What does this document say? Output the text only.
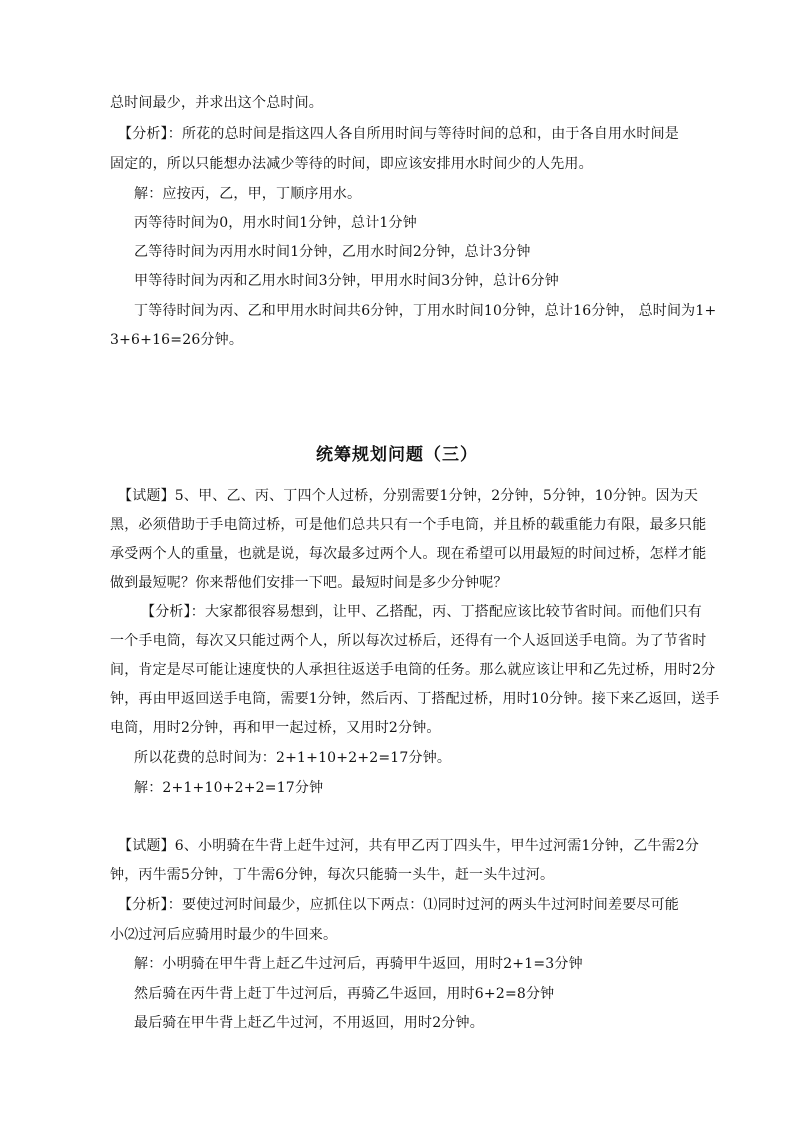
总时间最少，并求出这个总时间。
【分析】：所花的总时间是指这四人各自所用时间与等待时间的总和，由于各自用水时间是
固定的，所以只能想办法减少等待的时间，即应该安排用水时间少的人先用。
解：应按丙，乙，甲，丁顺序用水。
丙等待时间为0，用水时间1分钟，总计1分钟
乙等待时间为丙用水时间1分钟，乙用水时间2分钟，总计3分钟
甲等待时间为丙和乙用水时间3分钟，甲用水时间3分钟，总计6分钟
丁等待时间为丙、乙和甲用水时间共6分钟，丁用水时间10分钟，总计16分钟， 总时间为1+
3+6+16=26分钟。
统筹规划问题（三）
【试题】5、甲、乙、丙、丁四个人过桥，分别需要1分钟，2分钟，5分钟，10分钟。因为天
黑，必须借助于手电筒过桥，可是他们总共只有一个手电筒，并且桥的载重能力有限，最多只能
承受两个人的重量，也就是说，每次最多过两个人。现在希望可以用最短的时间过桥，怎样才能
做到最短呢？你来帮他们安排一下吧。最短时间是多少分钟呢？
【分析】：大家都很容易想到，让甲、乙搭配，丙、丁搭配应该比较节省时间。而他们只有
一个手电筒，每次又只能过两个人，所以每次过桥后，还得有一个人返回送手电筒。为了节省时
间，肯定是尽可能让速度快的人承担往返送手电筒的任务。那么就应该让甲和乙先过桥，用时2分
钟，再由甲返回送手电筒，需要1分钟，然后丙、丁搭配过桥，用时10分钟。接下来乙返回，送手
电筒，用时2分钟，再和甲一起过桥，又用时2分钟。
所以花费的总时间为：2+1+10+2+2=17分钟。
解：2+1+10+2+2=17分钟
【试题】6、小明骑在牛背上赶牛过河，共有甲乙丙丁四头牛，甲牛过河需1分钟，乙牛需2分
钟，丙牛需5分钟，丁牛需6分钟，每次只能骑一头牛，赶一头牛过河。
【分析】：要使过河时间最少，应抓住以下两点：⑴同时过河的两头牛过河时间差要尽可能
小⑵过河后应骑用时最少的牛回来。
解：小明骑在甲牛背上赶乙牛过河后，再骑甲牛返回，用时2+1=3分钟
然后骑在丙牛背上赶丁牛过河后，再骑乙牛返回，用时6+2=8分钟
最后骑在甲牛背上赶乙牛过河，不用返回，用时2分钟。
